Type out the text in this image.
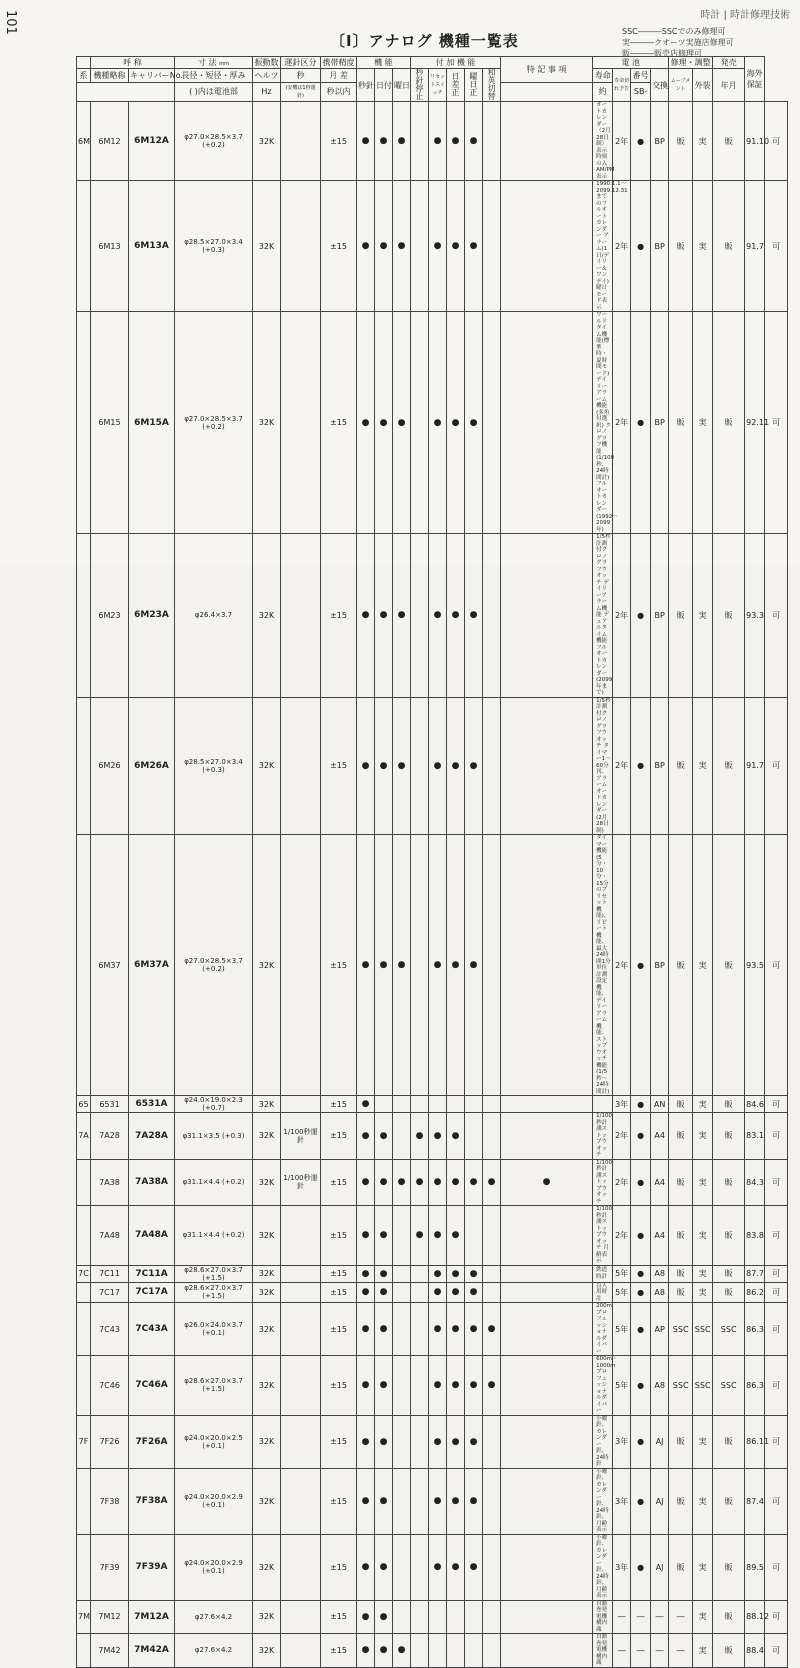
101	時計 | 時計修理技術
〔Ⅰ〕アナログ 機種一覧表
SSC―――SSCでのみ修理可
実―――クオーツ実施店修理可
販―――販売店修理可
	呼 称		寸 法 mm	振動数	運針区分	携帯精度	機 能			付 加 機 能					特 記 事 項	電 池				修理・調整		発売	海外保証	
系	機種略称	キャリバーNo.	長径・短径・厚み	ヘルツ	秒	月 差	秒針	日付	曜日	秒針停止	リセットスイッチ	日差正	曜日正	和英切替		寿命	寿命切れ予告	番号	交換	ムーブメント	外装	年月		
			( )内は電池部	Hz	(安機は1秒運針)	秒以内										約		SB-						
6M	6M12	6M12A	φ27.0×28.5×3.7 (+0.2)	32K		±15	●	●	●		●	●	●			オートカレンダー（2月28日制）表示時刻の入AM/PM表示	2年	●	BP	販	実	販	91.10	可
	6M13	6M13A	φ28.5×27.0×3.4 (+0.3)	32K		±15	●	●	●		●	●	●			1990.1.1〜2099.12.31までのフルオートカレンダー アラーム(1日/デイリー＆ワンデイ) 曜日モード表示	2年	●	BP	販	実	販	91.7	可
	6M15	6M15A	φ27.0×28.5×3.7 (+0.2)	32K		±15	●	●	●		●	●	●			ワールドタイム機能(標準時・夏時間モード) デイリーアラーム機能(多角付選択) クロノグラフ機能(1/100秒、24時間計) フルオートカレンダー(1992〜2099年)	2年	●	BP	販	実	販	92.11	可
	6M23	6M23A	φ26.4×3.7	32K		±15	●	●	●		●	●	●			1/5秒計測付クロノグラフウオッチ デイリーアラーム機能 デュアルタイム機能 フルオートカレンダー(2099年まで)	2年	●	BP	販	実	販	93.3	可
	6M26	6M26A	φ28.5×27.0×3.4 (+0.3)	32K		±15	●	●	●		●	●	●			1/5秒計測付クロノグラフウオッチ タイマー1〜60分刊、アラーム オートカレンダー(2月28日制)	2年	●	BP	販	実	販	91.7	可
	6M37	6M37A	φ27.0×28.5×3.7 (+0.2)	32K		±15	●	●	●		●	●	●			タイマー機能(5分・10分・15分のプリセット機能)、リピート機能、最大24時間1分単位計測設定機能、デイリーアラーム機能、ストップウオッチ機能(1/5秒〜24時間計)	2年	●	BP	販	実	販	93.5	可
65	6531	6531A	φ24.0×19.0×2.3 (+0.7)	32K		±15	●										3年	●	AN	販	実	販	84.6	可
7A	7A28	7A28A	φ31.1×3.5 (+0.3)	32K	1/100秒運針	±15	●	●		●	●	●				1/100秒計測ストップウオッチ	2年	●	A4	販	実	販	83.1	可
	7A38	7A38A	φ31.1×4.4 (+0.2)	32K	1/100秒運針	±15	●	●	●	●	●	●	●	●	●	1/100秒計測ストップウオッチ	2年	●	A4	販	実	販	84.3	可
	7A48	7A48A	φ31.1×4.4 (+0.2)	32K		±15	●	●		●	●	●				1/100秒計測ストップウオッチ 月齢表示	2年	●	A4	販	実	販	83.8	可
7C	7C11	7C11A	φ28.6×27.0×3.7 (+1.5)	32K		±15	●	●			●	●	●			鉄道時計	5年	●	A8	販	実	販	87.7	可
	7C17	7C17A	φ28.6×27.0×3.7 (+1.5)	32K		±15	●	●			●	●	●			盲人用時計	5年	●	A8	販	実	販	86.2	可
	7C43	7C43A	φ26.0×24.0×3.7 (+0.1)	32K		±15	●	●			●	●	●	●		200m プロフェッショナルダイバー	5年	●	AP	SSC	SSC	SSC	86.3	可
	7C46	7C46A	φ28.6×27.0×3.7 (+1.5)	32K		±15	●	●			●	●	●	●		600m・1000m プロフェッショナルダイバー	5年	●	A8	SSC	SSC	SSC	86.3	可
7F	7F26	7F26A	φ24.0×20.0×2.5 (+0.1)	32K		±15	●	●			●	●	●			小曜針、カレンダー針、24時針	3年	●	AJ	販	実	販	86.11	可
	7F38	7F38A	φ24.0×20.0×2.9 (+0.1)	32K		±15	●	●			●	●	●			小曜針、カレンダー針、24時針、月齢表示	3年	●	AJ	販	実	販	87.4	可
	7F39	7F39A	φ24.0×20.0×2.9 (+0.1)	32K		±15	●	●			●	●	●			小曜針、カレンダー針、24時針、月齢表示	3年	●	AJ	販	実	販	89.5	可
7M	7M12	7M12A	φ27.6×4.2	32K		±15	●	●								自動巻発電機構内蔵	―	―	―	―	実	販	88.12	可
	7M42	7M42A	φ27.6×4.2	32K		±15	●	●	●							自動巻発電機構内蔵	―	―	―	―	実	販	88.4	可
